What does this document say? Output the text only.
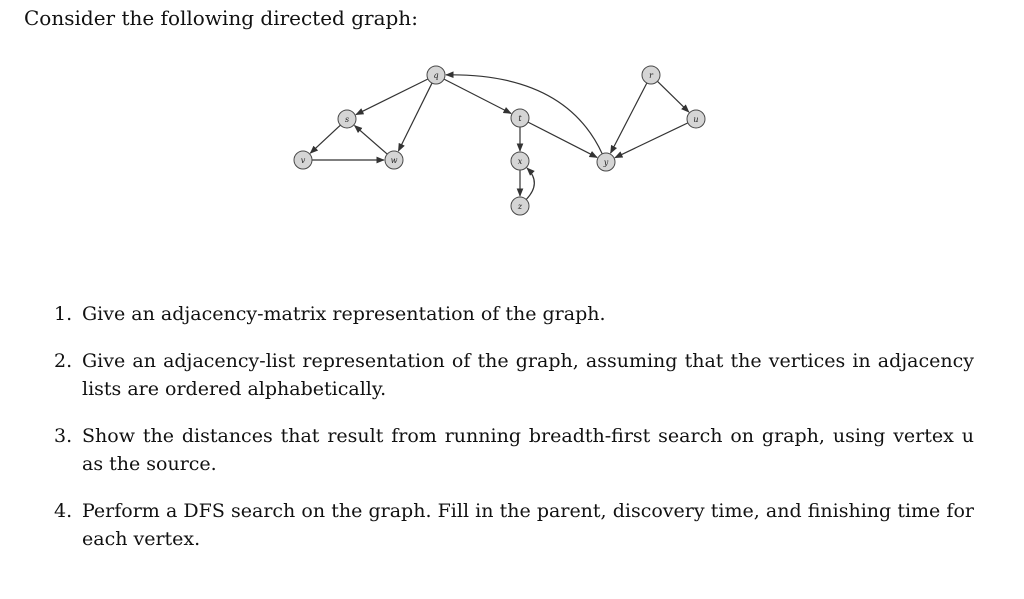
Consider the following directed graph:

q	r
s	t	u
v	w	x	y
z
1. Give an adjacency-matrix representation of the graph.
2. Give an adjacency-list representation of the graph, assuming that the vertices in adjacency lists are ordered alphabetically.
3. Show the distances that result from running breadth-first search on graph, using vertex u as the source.
4. Perform a DFS search on the graph. Fill in the parent, discovery time, and finishing time for each vertex.
